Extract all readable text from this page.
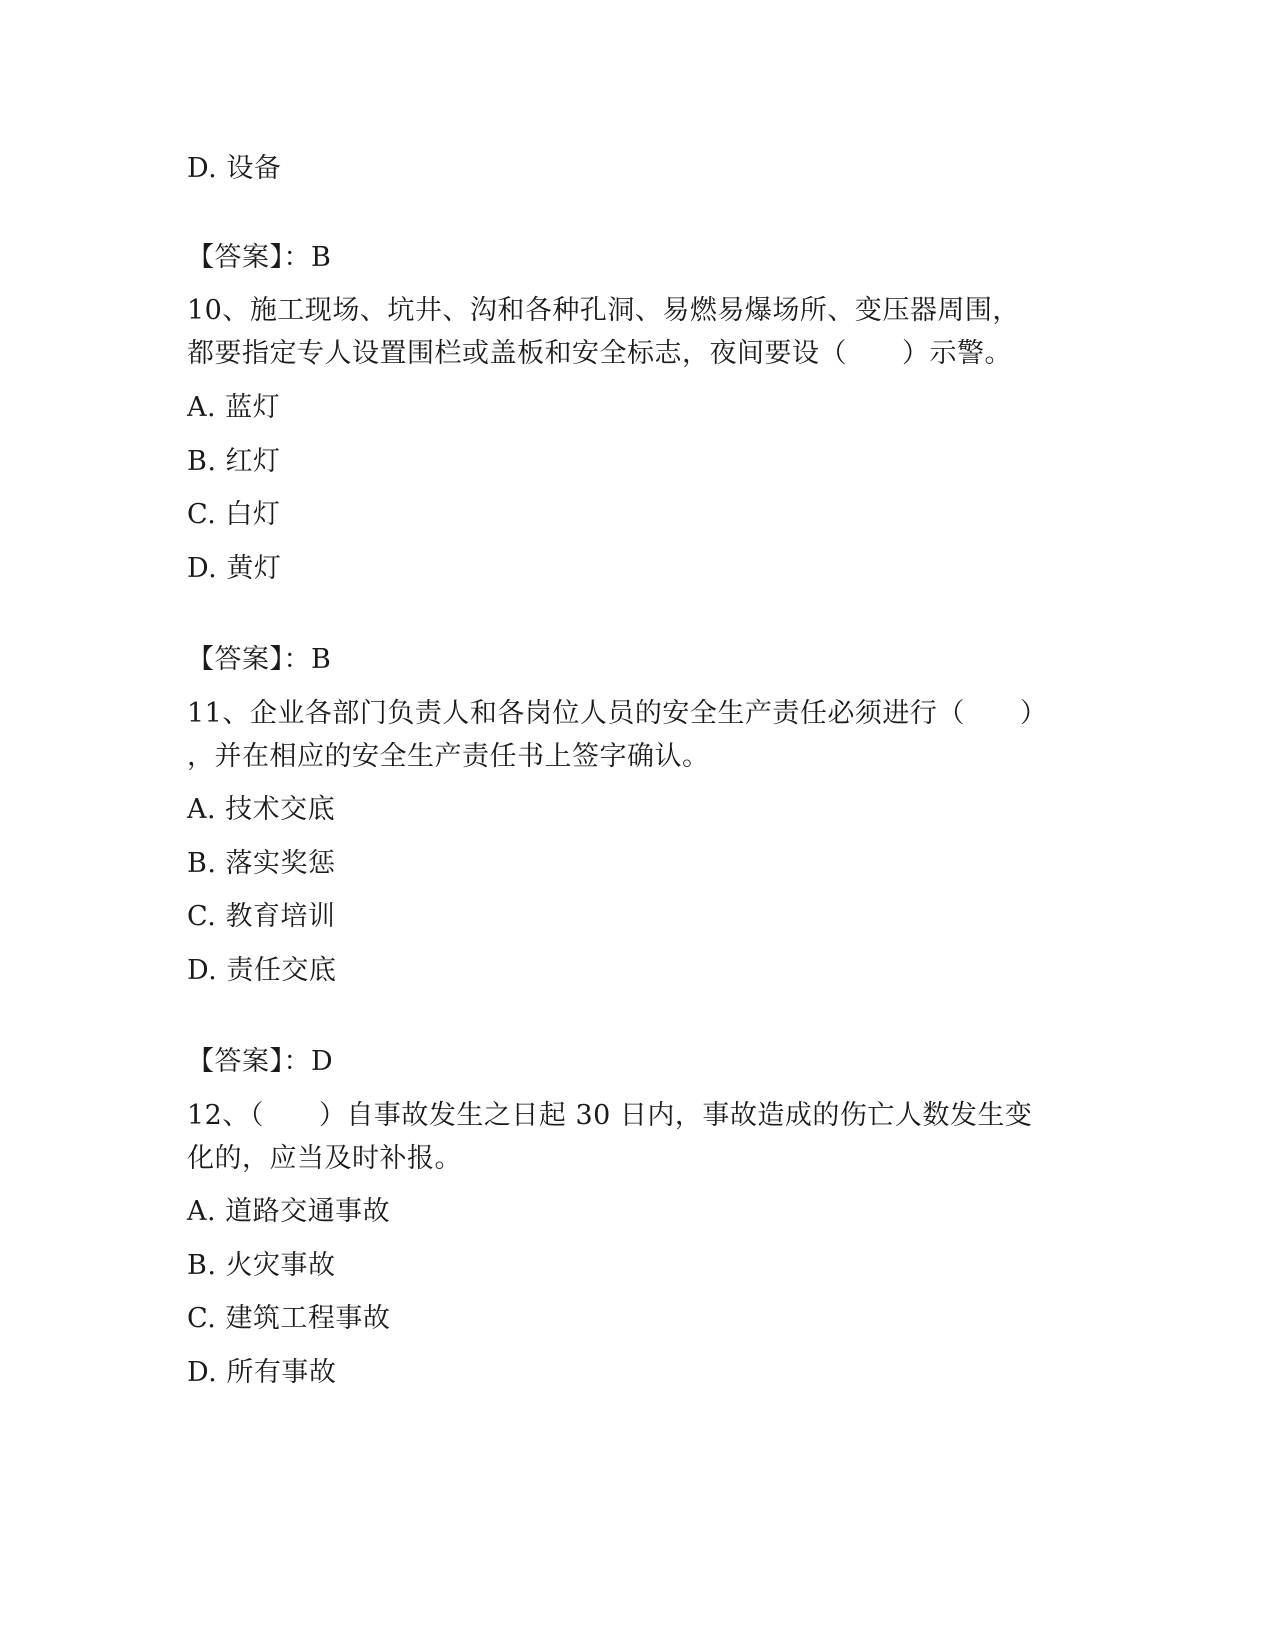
D. 设备
【答案】：B
10、施工现场、坑井、沟和各种孔洞、易燃易爆场所、变压器周围，
都要指定专人设置围栏或盖板和安全标志，夜间要设（　　）示警。
A. 蓝灯
B. 红灯
C. 白灯
D. 黄灯
【答案】：B
11、企业各部门负责人和各岗位人员的安全生产责任必须进行（　　）
，并在相应的安全生产责任书上签字确认。
A. 技术交底
B. 落实奖惩
C. 教育培训
D. 责任交底
【答案】：D
12、（　　）自事故发生之日起 30 日内，事故造成的伤亡人数发生变
化的，应当及时补报。
A. 道路交通事故
B. 火灾事故
C. 建筑工程事故
D. 所有事故
